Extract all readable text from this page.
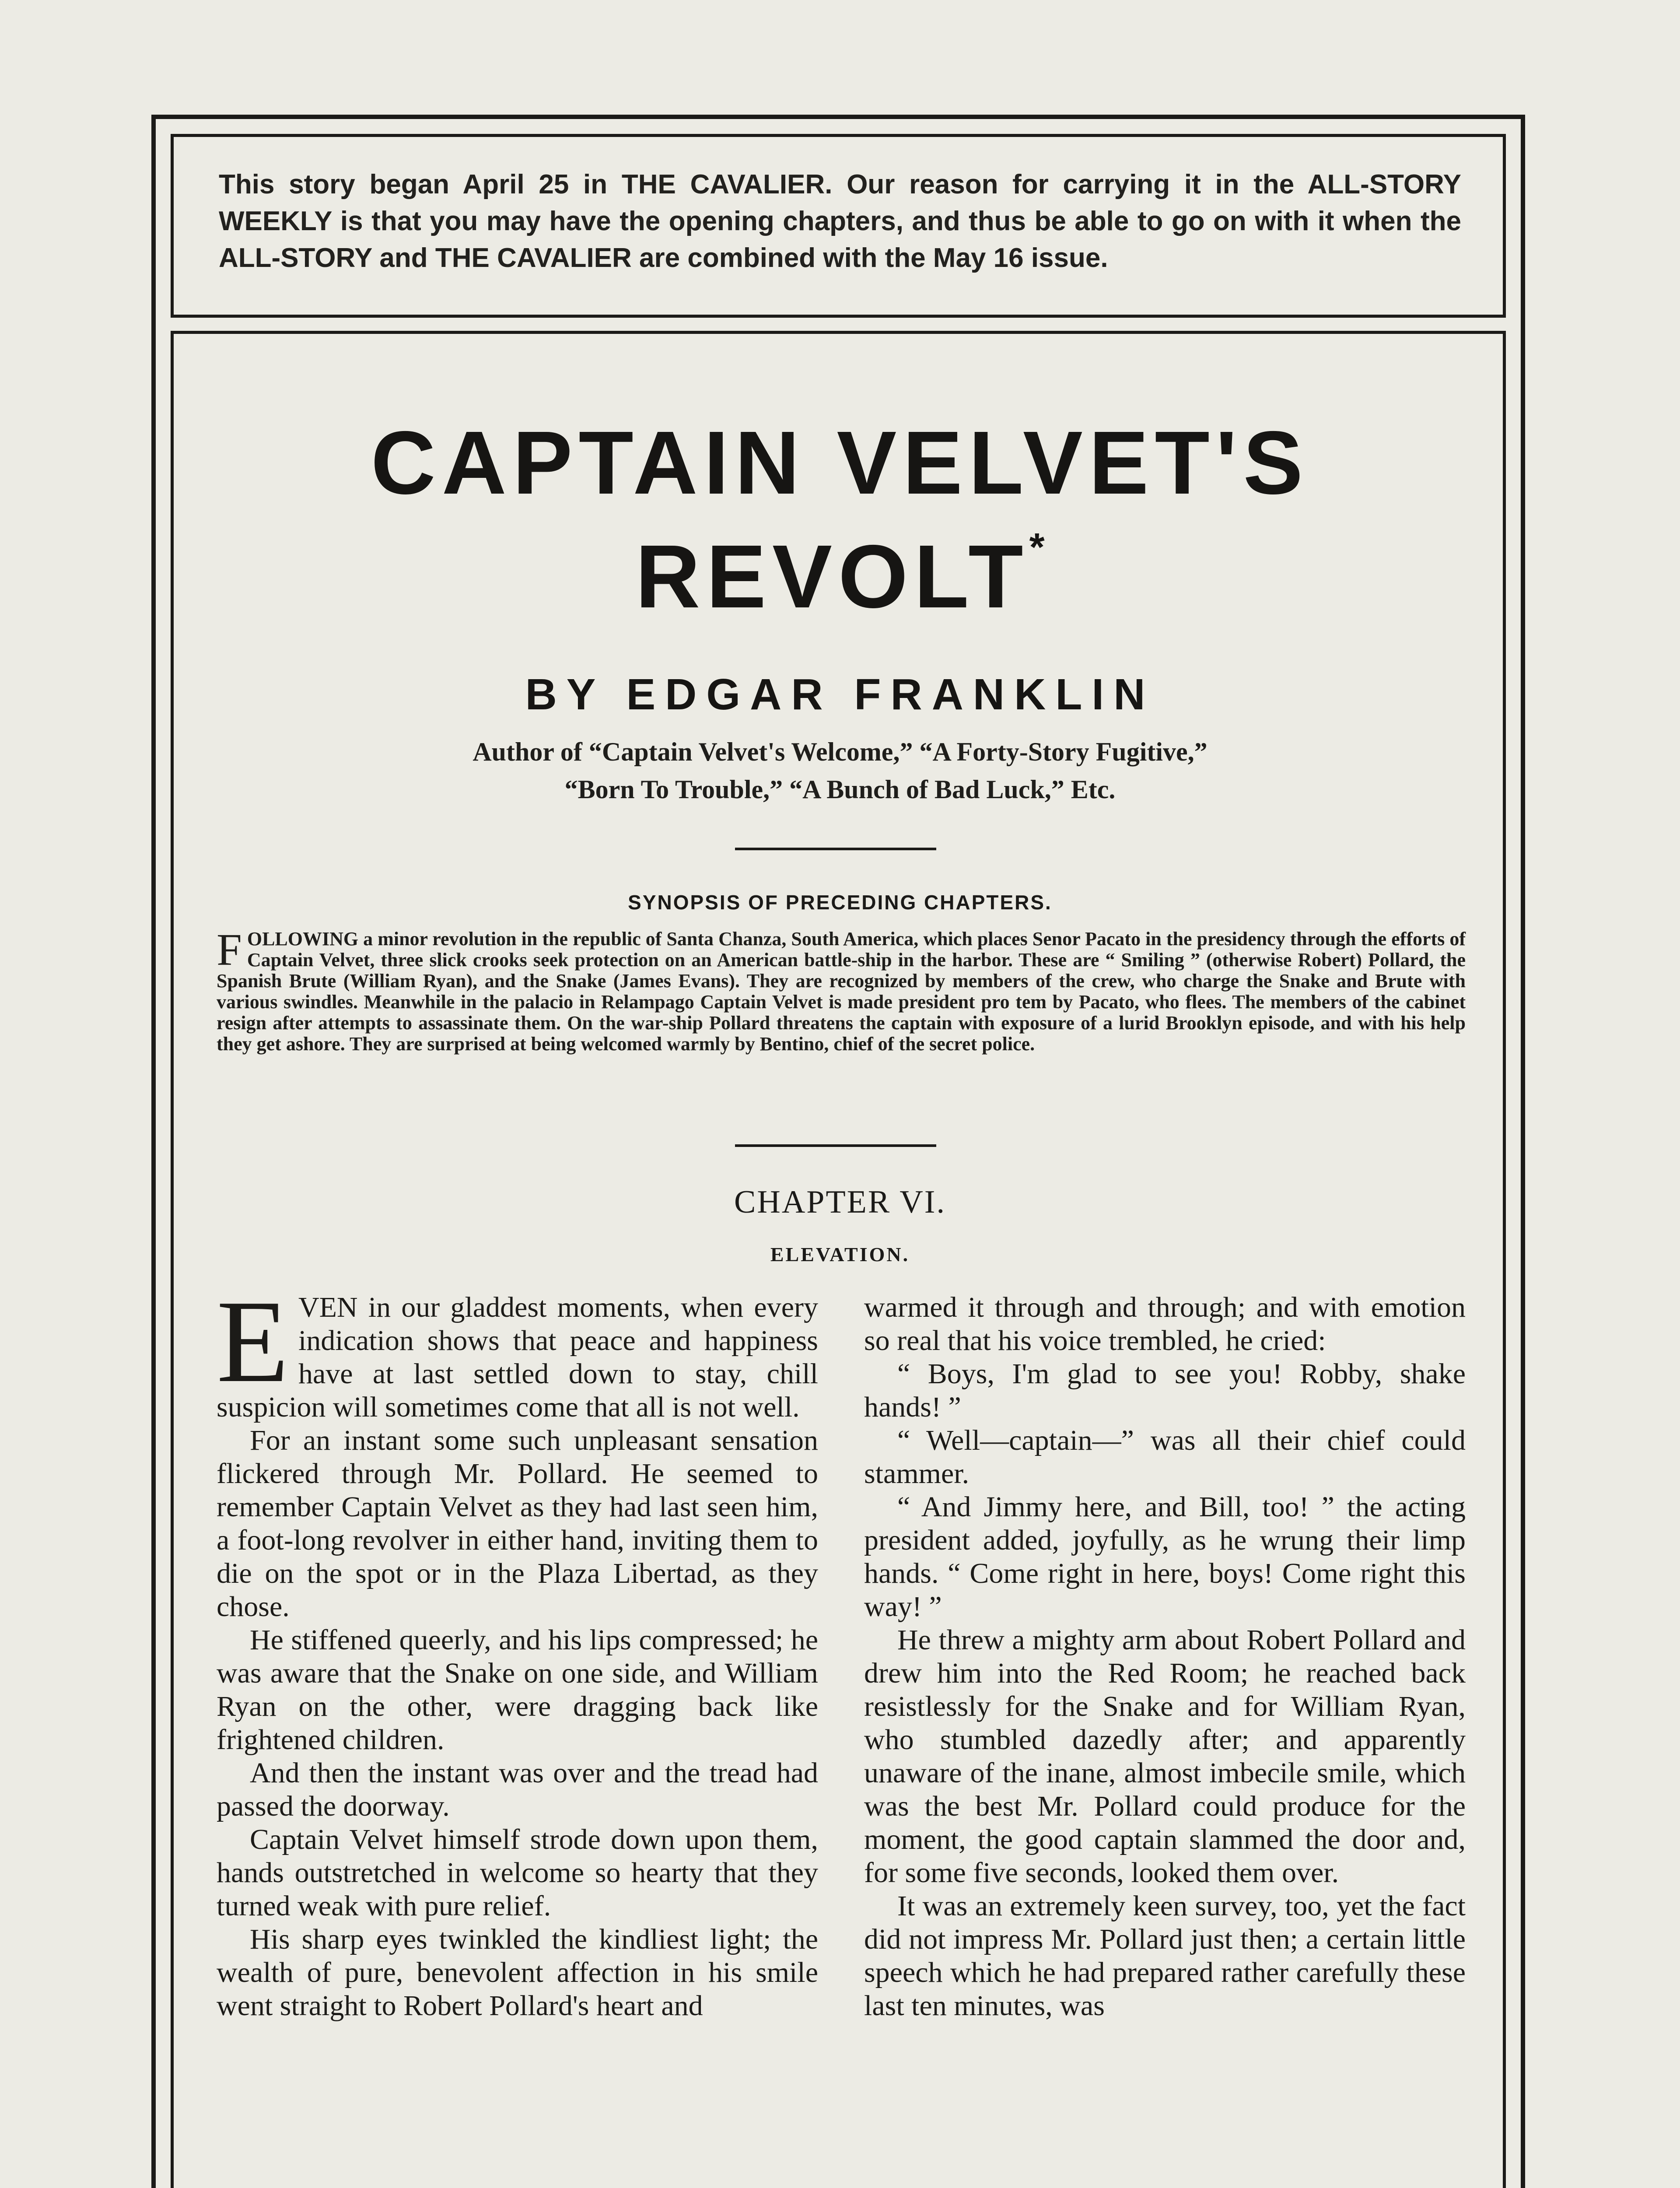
This story began April 25 in THE CAVALIER. Our reason for carrying it in the ALL-STORY WEEKLY is that you may have the opening chapters, and thus be able to go on with it when the ALL-STORY and THE CAVALIER are combined with the May 16 issue.
CAPTAIN VELVET'S
REVOLT*
BY EDGAR FRANKLIN
Author of “Captain Velvet's Welcome,” “A Forty-Story Fugitive,”
“Born To Trouble,” “A Bunch of Bad Luck,” Etc.
SYNOPSIS OF PRECEDING CHAPTERS.
FOLLOWING a minor revolution in the republic of Santa Chanza, South America, which places Senor Pacato in the presidency through the efforts of Captain Velvet, three slick crooks seek protection on an American battle-ship in the harbor. These are “ Smiling ” (otherwise Robert) Pollard, the Spanish Brute (William Ryan), and the Snake (James Evans). They are recognized by members of the crew, who charge the Snake and Brute with various swindles. Meanwhile in the palacio in Relampago Captain Velvet is made president pro tem by Pacato, who flees. The members of the cabinet resign after attempts to assassinate them. On the war-ship Pollard threatens the captain with exposure of a lurid Brooklyn episode, and with his help they get ashore. They are surprised at being welcomed warmly by Bentino, chief of the secret police.
CHAPTER VI.
ELEVATION.

EVEN in our gladdest moments, when every indication shows that peace and happiness have at last settled down to stay, chill suspicion will sometimes come that all is not well.

For an instant some such unpleasant sensation flickered through Mr. Pollard. He seemed to remember Captain Velvet as they had last seen him, a foot-long revolver in either hand, inviting them to die on the spot or in the Plaza Libertad, as they chose.

He stiffened queerly, and his lips compressed; he was aware that the Snake on one side, and William Ryan on the other, were dragging back like frightened children.

And then the instant was over and the tread had passed the doorway.

Captain Velvet himself strode down upon them, hands outstretched in welcome so hearty that they turned weak with pure relief.

His sharp eyes twinkled the kindliest light; the wealth of pure, benevolent affection in his smile went straight to Robert Pollard's heart and

warmed it through and through; and with emotion so real that his voice trembled, he cried:

“ Boys, I'm glad to see you! Robby, shake hands! ”

“ Well—captain—” was all their chief could stammer.

“ And Jimmy here, and Bill, too! ” the acting president added, joyfully, as he wrung their limp hands. “ Come right in here, boys! Come right this way! ”

He threw a mighty arm about Robert Pollard and drew him into the Red Room; he reached back resistlessly for the Snake and for William Ryan, who stumbled dazedly after; and apparently unaware of the inane, almost imbecile smile, which was the best Mr. Pollard could produce for the moment, the good captain slammed the door and, for some five seconds, looked them over.

It was an extremely keen survey, too, yet the fact did not impress Mr. Pollard just then; a certain little speech which he had prepared rather carefully these last ten minutes, was
